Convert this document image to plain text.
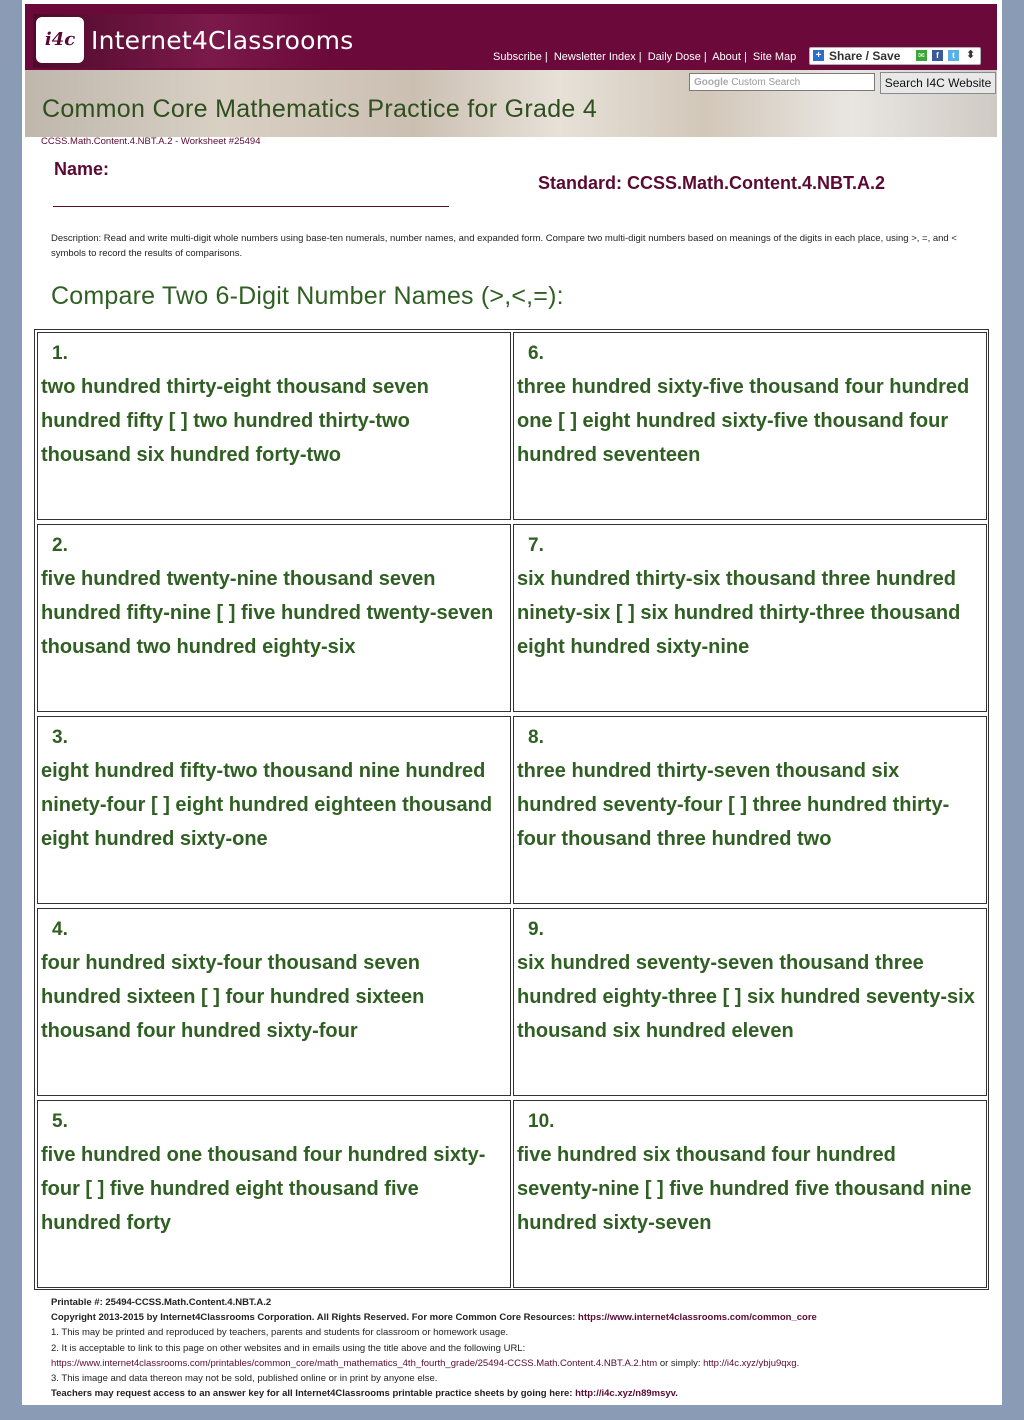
i4c Internet4Classrooms
Subscribe | Newsletter Index | Daily Dose | About | Site Map + Share / Save ✉	f	t	⬍
Common Core Mathematics Practice for Grade 4
Google Custom Search	Search I4C Website
CCSS.Math.Content.4.NBT.A.2 - Worksheet #25494
Name:
Standard: CCSS.Math.Content.4.NBT.A.2
Description: Read and write multi-digit whole numbers using base-ten numerals, number names, and expanded form. Compare two multi-digit numbers based on meanings of the digits in each place, using >, =, and < symbols to record the results of comparisons.
Compare Two 6-Digit Number Names (>,<,=):
1.
two hundred thirty-eight thousand seven hundred fifty [ ] two hundred thirty-two thousand six hundred forty-two
2.
five hundred twenty-nine thousand seven hundred fifty-nine [ ] five hundred twenty-seven thousand two hundred eighty-six
3.
eight hundred fifty-two thousand nine hundred ninety-four [ ] eight hundred eighteen thousand eight hundred sixty-one
4.
four hundred sixty-four thousand seven hundred sixteen [ ] four hundred sixteen thousand four hundred sixty-four
5.
five hundred one thousand four hundred sixty-four [ ] five hundred eight thousand five hundred forty
6.
three hundred sixty-five thousand four hundred one [ ] eight hundred sixty-five thousand four hundred seventeen
7.
six hundred thirty-six thousand three hundred ninety-six [ ] six hundred thirty-three thousand eight hundred sixty-nine
8.
three hundred thirty-seven thousand six hundred seventy-four [ ] three hundred thirty-four thousand three hundred two
9.
six hundred seventy-seven thousand three hundred eighty-three [ ] six hundred seventy-six thousand six hundred eleven
10.
five hundred six thousand four hundred seventy-nine [ ] five hundred five thousand nine hundred sixty-seven
Printable #: 25494-CCSS.Math.Content.4.NBT.A.2
Copyright 2013-2015 by Internet4Classrooms Corporation. All Rights Reserved. For more Common Core Resources: https://www.internet4classrooms.com/common_core
1. This may be printed and reproduced by teachers, parents and students for classroom or homework usage.
2. It is acceptable to link to this page on other websites and in emails using the title above and the following URL:
https://www.internet4classrooms.com/printables/common_core/math_mathematics_4th_fourth_grade/25494-CCSS.Math.Content.4.NBT.A.2.htm or simply: http://i4c.xyz/ybju9qxg.
3. This image and data thereon may not be sold, published online or in print by anyone else.
Teachers may request access to an answer key for all Internet4Classrooms printable practice sheets by going here: http://i4c.xyz/n89msyv.
